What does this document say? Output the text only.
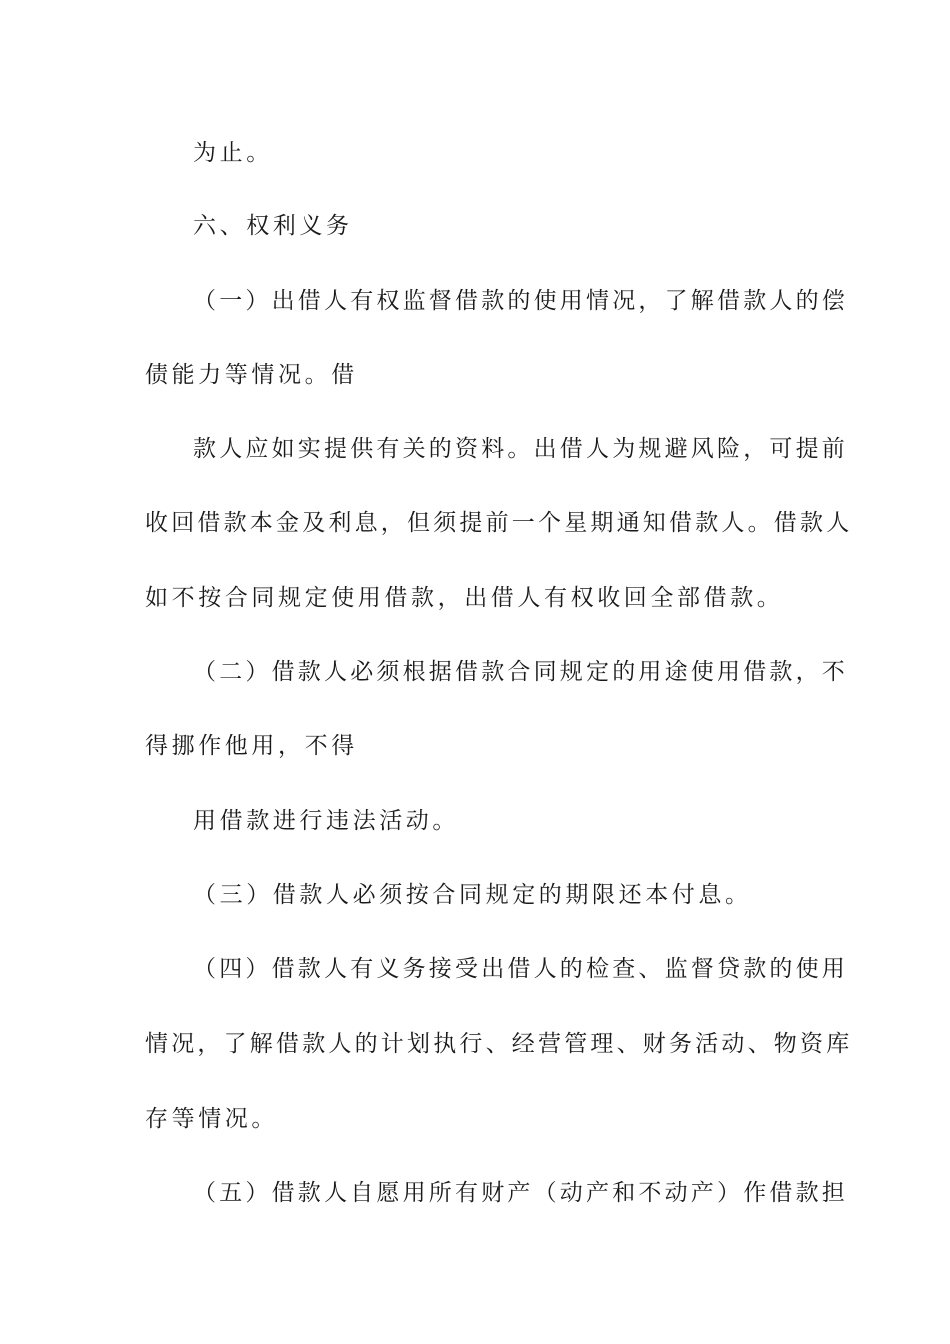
为止。

六、权利义务

（一）出借人有权监督借款的使用情况，了解借款人的偿

债能力等情况。借

款人应如实提供有关的资料。出借人为规避风险，可提前

收回借款本金及利息，但须提前一个星期通知借款人。借款人

如不按合同规定使用借款，出借人有权收回全部借款。

（二）借款人必须根据借款合同规定的用途使用借款，不

得挪作他用，不得

用借款进行违法活动。

（三）借款人必须按合同规定的期限还本付息。

（四）借款人有义务接受出借人的检查、监督贷款的使用

情况，了解借款人的计划执行、经营管理、财务活动、物资库

存等情况。

（五）借款人自愿用所有财产（动产和不动产）作借款担
